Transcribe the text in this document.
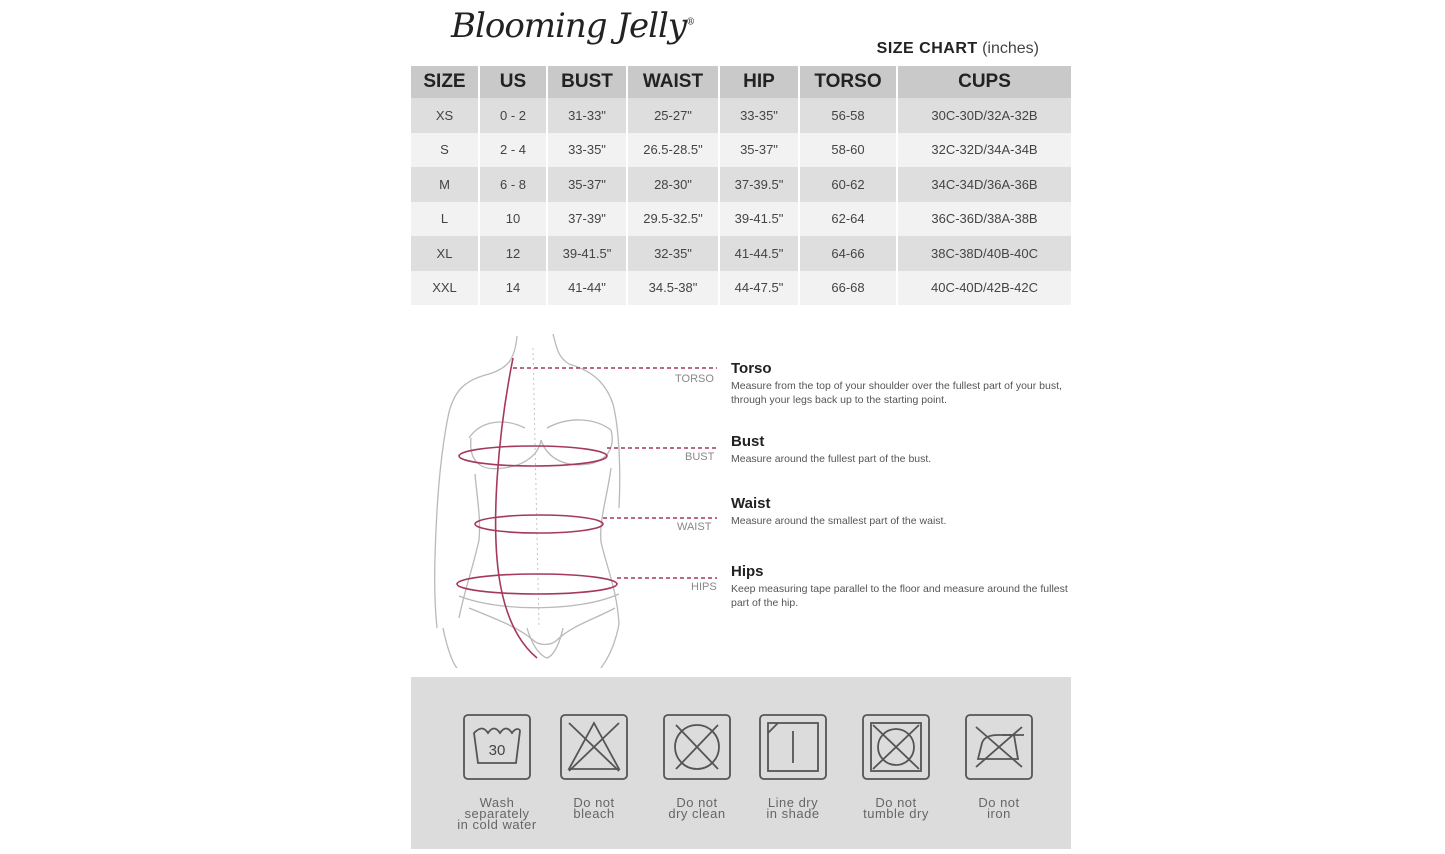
Blooming Jelly®
SIZE CHART (inches)
SIZE	US	BUST	WAIST	HIP	TORSO	CUPS
XS	0 - 2	31-33"	25-27"	33-35"	56-58	30C-30D/32A-32B
S	2 - 4	33-35"	26.5-28.5"	35-37"	58-60	32C-32D/34A-34B
M	6 - 8	35-37"	28-30"	37-39.5"	60-62	34C-34D/36A-36B
L	10	37-39"	29.5-32.5"	39-41.5"	62-64	36C-36D/38A-38B
XL	12	39-41.5"	32-35"	41-44.5"	64-66	38C-38D/40B-40C
XXL	14	41-44"	34.5-38"	44-47.5"	66-68	40C-40D/42B-42C
TORSO
BUST
WAIST
HIPS
Torso

Measure from the top of your shoulder over the fullest part of your bust, through your legs back up to the starting point.

Bust

Measure around the fullest part of the bust.

Waist

Measure around the smallest part of the waist.

Hips

Keep measuring tape parallel to the floor and measure around the fullest part of the hip.

30
Wash separately
in cold water
Do not
bleach
Do not
dry clean
Line dry
in shade
Do not
tumble dry
Do not
iron
